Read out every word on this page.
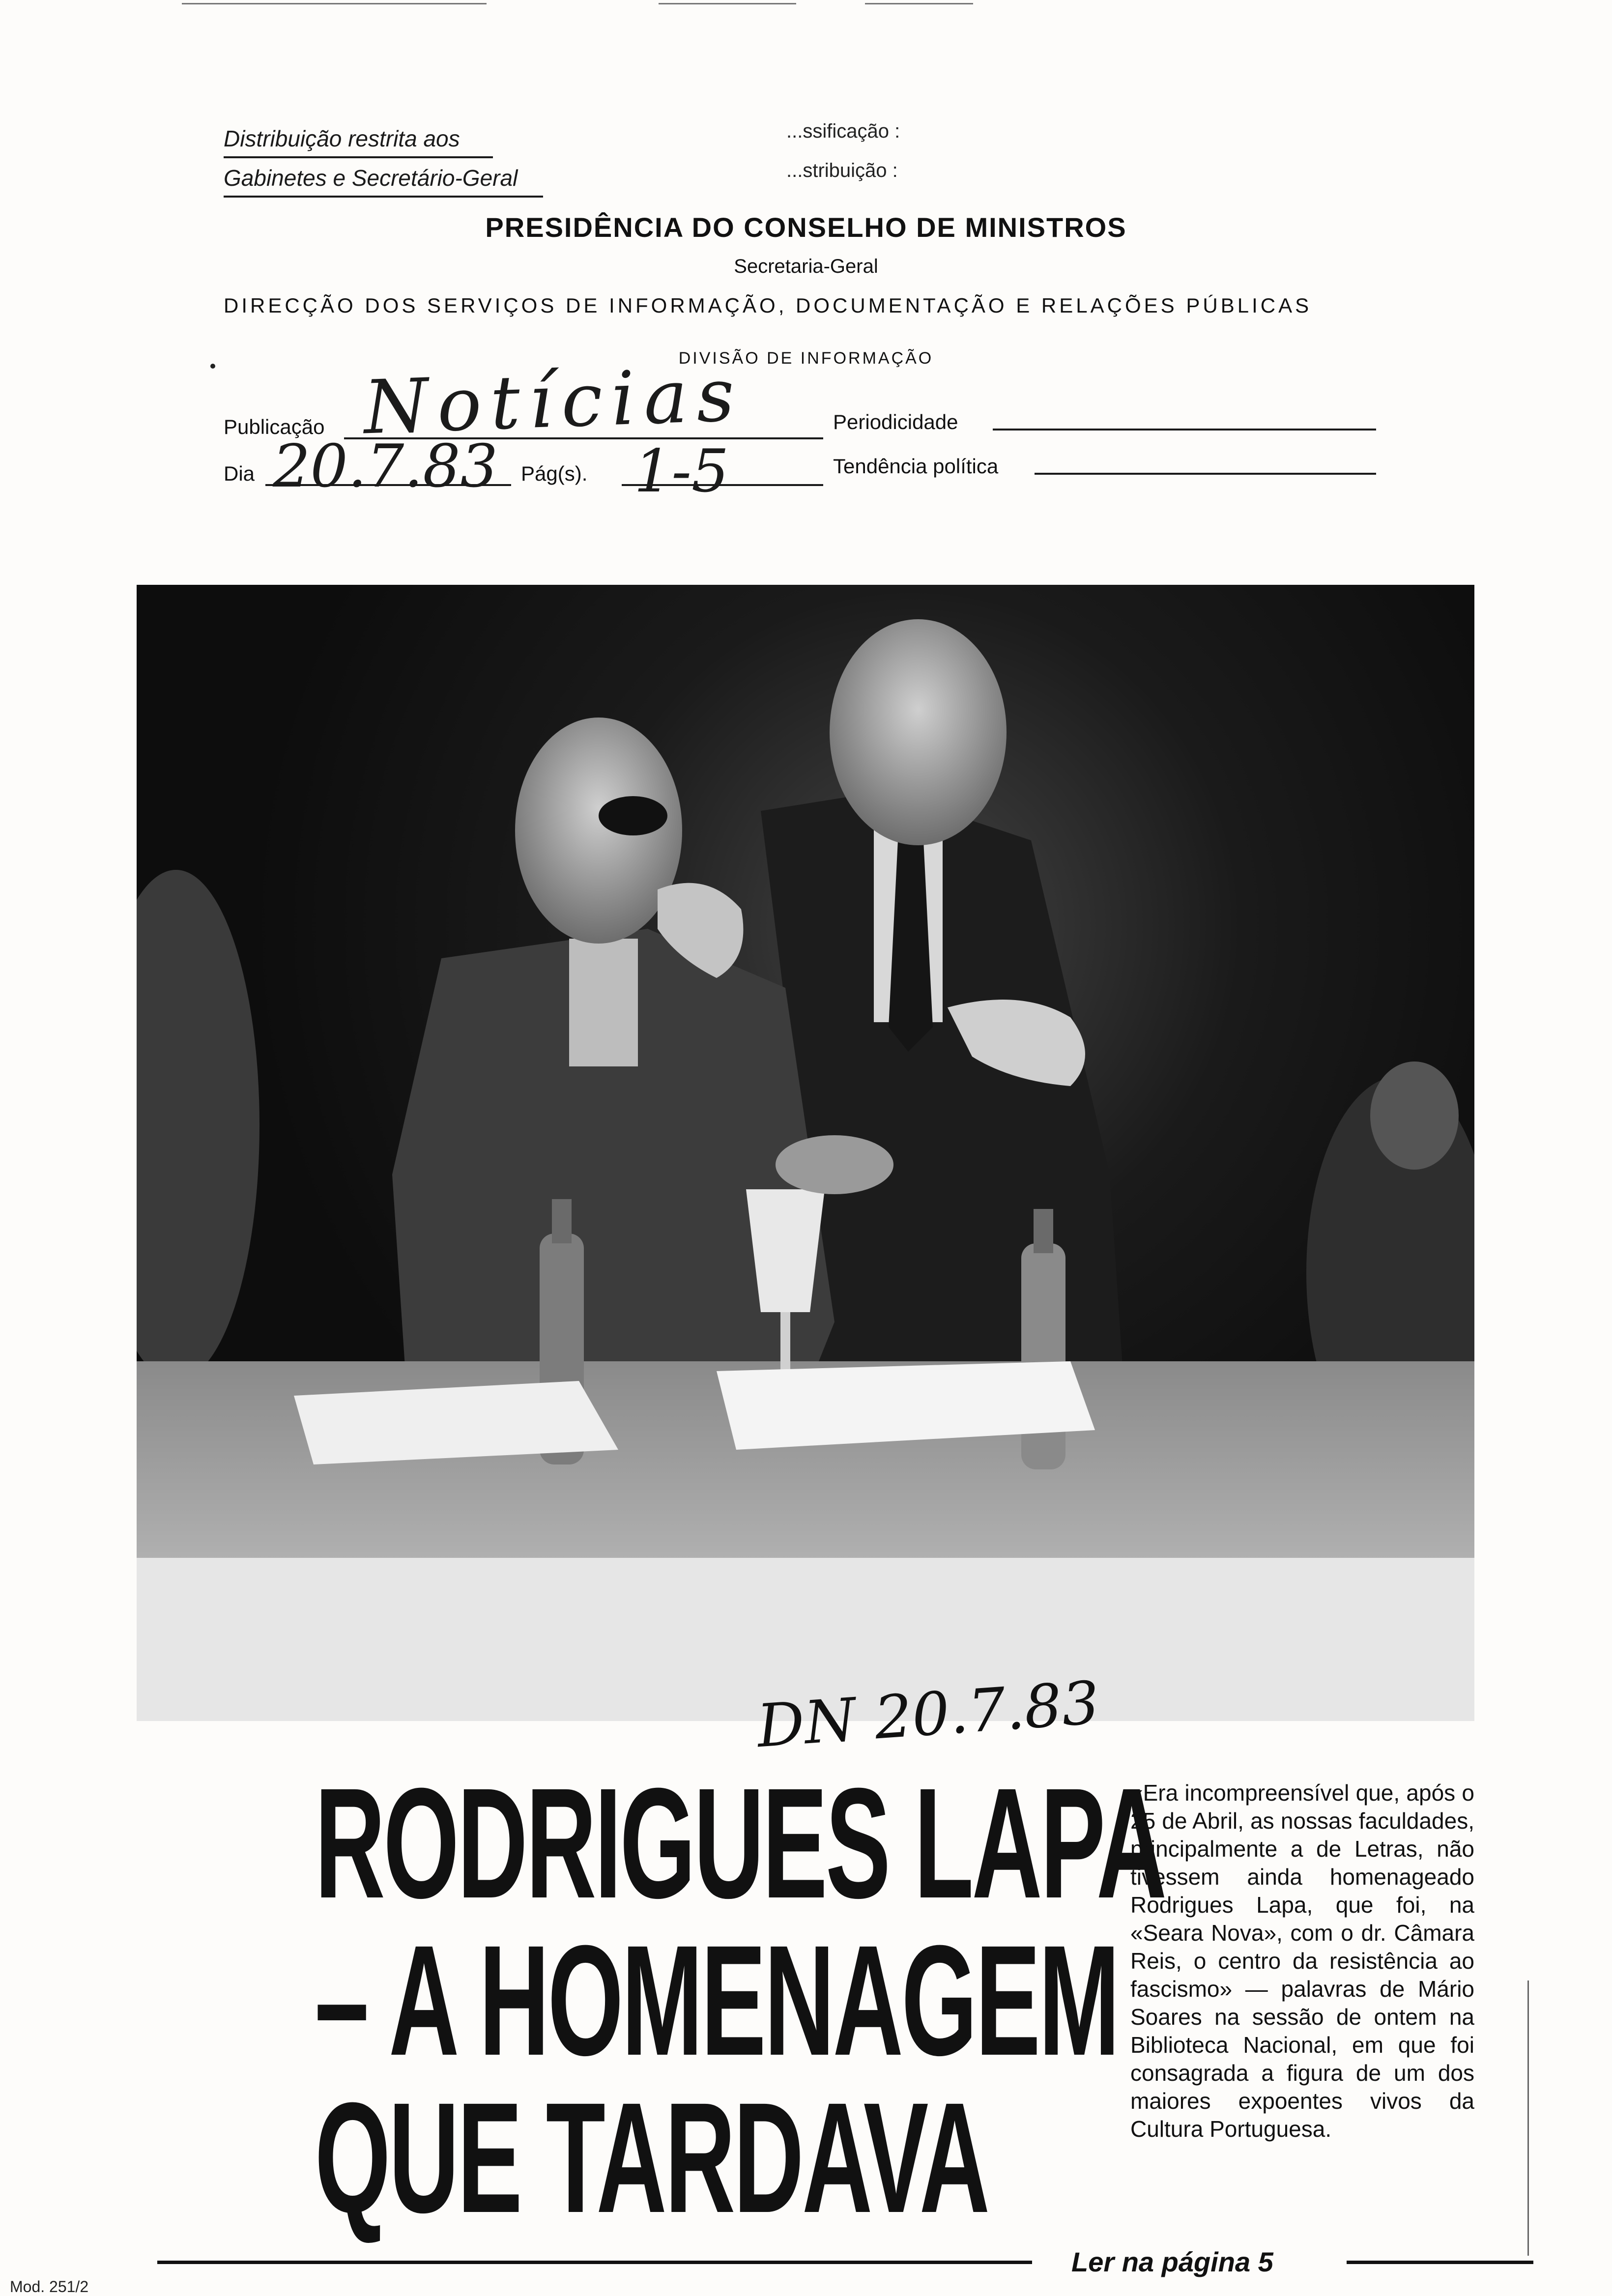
Distribuição restrita aos
Gabinetes e Secretário-Geral
...ssificação :
...stribuição :
PRESIDÊNCIA DO CONSELHO DE MINISTROS
Secretaria-Geral
DIRECÇÃO DOS SERVIÇOS DE INFORMAÇÃO, DOCUMENTAÇÃO E RELAÇÕES PÚBLICAS
DIVISÃO DE INFORMAÇÃO
Publicação Notícias	Periodicidade
Dia 20.7.83 Pág(s). 1-5	Tendência política
DN 20.7.83
RODRIGUES LAPA
– A HOMENAGEM
QUE TARDAVA
«Era incompreensível que, após o 25 de Abril, as nossas faculdades, principalmente a de Letras, não tivessem ainda homenageado Rodrigues Lapa, que foi, na «Seara Nova», com o dr. Câmara Reis, o centro da resistência ao fascismo» — palavras de Mário Soares na sessão de ontem na Biblioteca Nacional, em que foi consagrada a figura de um dos maiores expoentes vivos da Cultura Portuguesa.
Ler na página 5
Mod. 251/2
